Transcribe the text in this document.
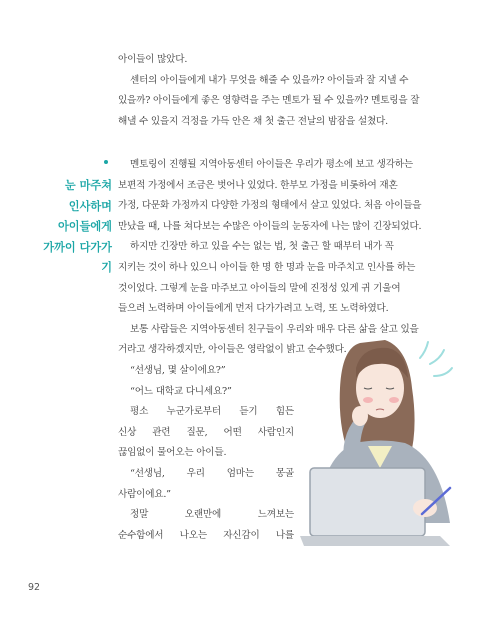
아이들이 많았다.

센터의 아이들에게 내가 무엇을 해줄 수 있을까? 아이들과 잘 지낼 수

있을까? 아이들에게 좋은 영향력을 주는 멘토가 될 수 있을까? 멘토링을 잘

해낼 수 있을지 걱정을 가득 안은 채 첫 출근 전날의 밤잠을 설쳤다.

눈 마주쳐
인사하며
아이들에게
가까이 다가가기

멘토링이 진행될 지역아동센터 아이들은 우리가 평소에 보고 생각하는

보편적 가정에서 조금은 벗어나 있었다. 한부모 가정을 비롯하여 재혼

가정, 다문화 가정까지 다양한 가정의 형태에서 살고 있었다. 처음 아이들을

만났을 때, 나를 쳐다보는 수많은 아이들의 눈동자에 나는 많이 긴장되었다.

하지만 긴장만 하고 있을 수는 없는 법, 첫 출근 할 때부터 내가 꼭

지키는 것이 하나 있으니 아이들 한 명 한 명과 눈을 마주치고 인사를 하는

것이었다. 그렇게 눈을 마주보고 아이들의 말에 진정성 있게 귀 기울여

들으려 노력하며 아이들에게 먼저 다가가려고 노력, 또 노력하였다.

보통 사람들은 지역아동센터 친구들이 우리와 매우 다른 삶을 살고 있을

거라고 생각하겠지만, 아이들은 영락없이 밝고 순수했다.

“선생님, 몇 살이에요?”

“어느 대학교 다니세요?”

평소 누군가로부터 듣기 힘든

신상 관련 질문, 어떤 사람인지

끊임없이 물어오는 아이들.

“선생님, 우리 엄마는 몽골

사람이에요.”

정말 오랜만에 느껴보는

순수함에서 나오는 자신감이 나를

92
